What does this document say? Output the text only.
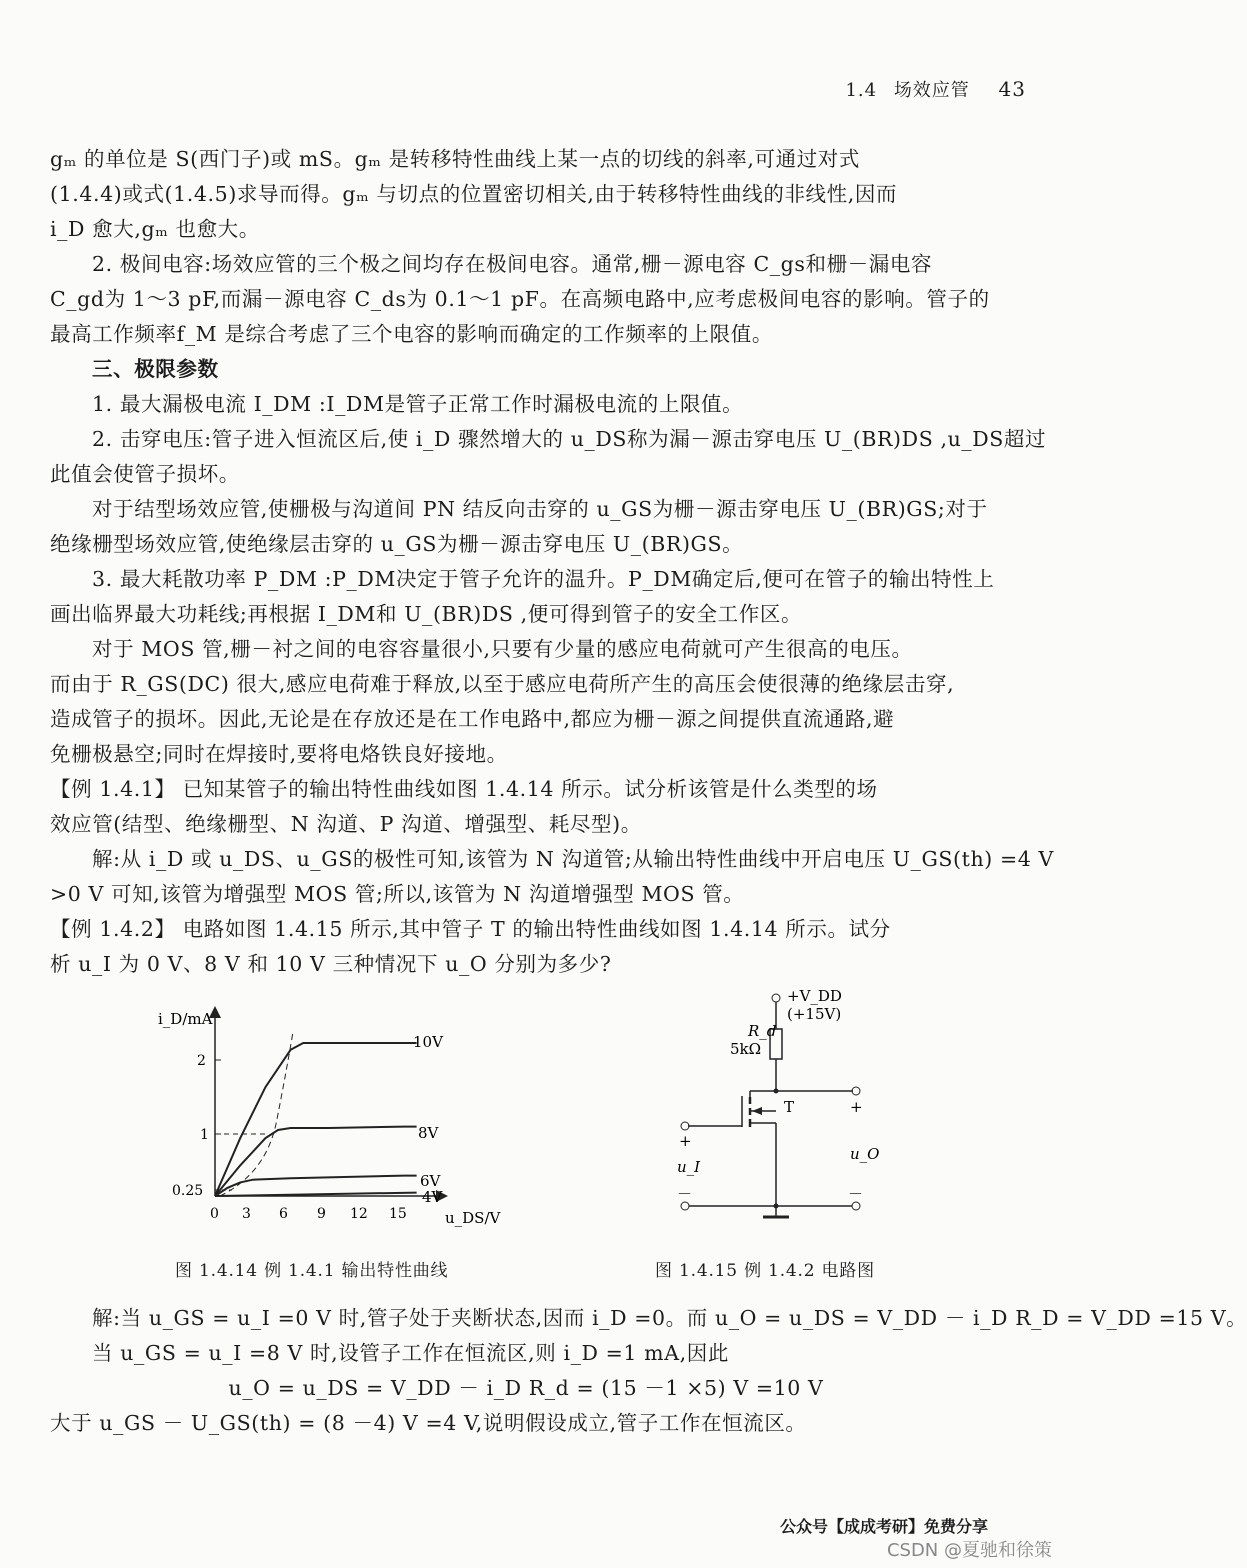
1.4 场效应管 43

gₘ 的单位是 S(西门子)或 mS。gₘ 是转移特性曲线上某一点的切线的斜率,可通过对式

(1.4.4)或式(1.4.5)求导而得。gₘ 与切点的位置密切相关,由于转移特性曲线的非线性,因而

i_D 愈大,gₘ 也愈大。

2. 极间电容:场效应管的三个极之间均存在极间电容。通常,栅－源电容 C_gs和栅－漏电容

C_gd为 1～3 pF,而漏－源电容 C_ds为 0.1～1 pF。在高频电路中,应考虑极间电容的影响。管子的

最高工作频率f_M 是综合考虑了三个电容的影响而确定的工作频率的上限值。

三、极限参数

1. 最大漏极电流 I_DM :I_DM是管子正常工作时漏极电流的上限值。

2. 击穿电压:管子进入恒流区后,使 i_D 骤然增大的 u_DS称为漏－源击穿电压 U_(BR)DS ,u_DS超过

此值会使管子损坏。

对于结型场效应管,使栅极与沟道间 PN 结反向击穿的 u_GS为栅－源击穿电压 U_(BR)GS;对于

绝缘栅型场效应管,使绝缘层击穿的 u_GS为栅－源击穿电压 U_(BR)GS。

3. 最大耗散功率 P_DM :P_DM决定于管子允许的温升。P_DM确定后,便可在管子的输出特性上

画出临界最大功耗线;再根据 I_DM和 U_(BR)DS ,便可得到管子的安全工作区。

对于 MOS 管,栅－衬之间的电容容量很小,只要有少量的感应电荷就可产生很高的电压。

而由于 R_GS(DC) 很大,感应电荷难于释放,以至于感应电荷所产生的高压会使很薄的绝缘层击穿,

造成管子的损坏。因此,无论是在存放还是在工作电路中,都应为栅－源之间提供直流通路,避

免栅极悬空;同时在焊接时,要将电烙铁良好接地。

【例 1.4.1】 已知某管子的输出特性曲线如图 1.4.14 所示。试分析该管是什么类型的场

效应管(结型、绝缘栅型、N 沟道、P 沟道、增强型、耗尽型)。

解:从 i_D 或 u_DS、u_GS的极性可知,该管为 N 沟道管;从输出特性曲线中开启电压 U_GS(th) =4 V

>0 V 可知,该管为增强型 MOS 管;所以,该管为 N 沟道增强型 MOS 管。

【例 1.4.2】 电路如图 1.4.15 所示,其中管子 T 的输出特性曲线如图 1.4.14 所示。试分

析 u_I 为 0 V、8 V 和 10 V 三种情况下 u_O 分别为多少?

i_D/mA
u_DS/V
0 3 6 9 12 15
2
1
0.25
10V
8V
6V
4V
图 1.4.14 例 1.4.1 输出特性曲线
+V_DD
(+15V)
R_d
5kΩ
+
T
+
u_I
u_O
－	－
图 1.4.15 例 1.4.2 电路图

解:当 u_GS = u_I =0 V 时,管子处于夹断状态,因而 i_D =0。而 u_O = u_DS = V_DD － i_D R_D = V_DD =15 V。

当 u_GS = u_I =8 V 时,设管子工作在恒流区,则 i_D =1 mA,因此

u_O = u_DS = V_DD － i_D R_d = (15 －1 ×5) V =10 V

大于 u_GS － U_GS(th) = (8 －4) V =4 V,说明假设成立,管子工作在恒流区。

公众号【成成考研】免费分享
CSDN @夏驰和徐策
